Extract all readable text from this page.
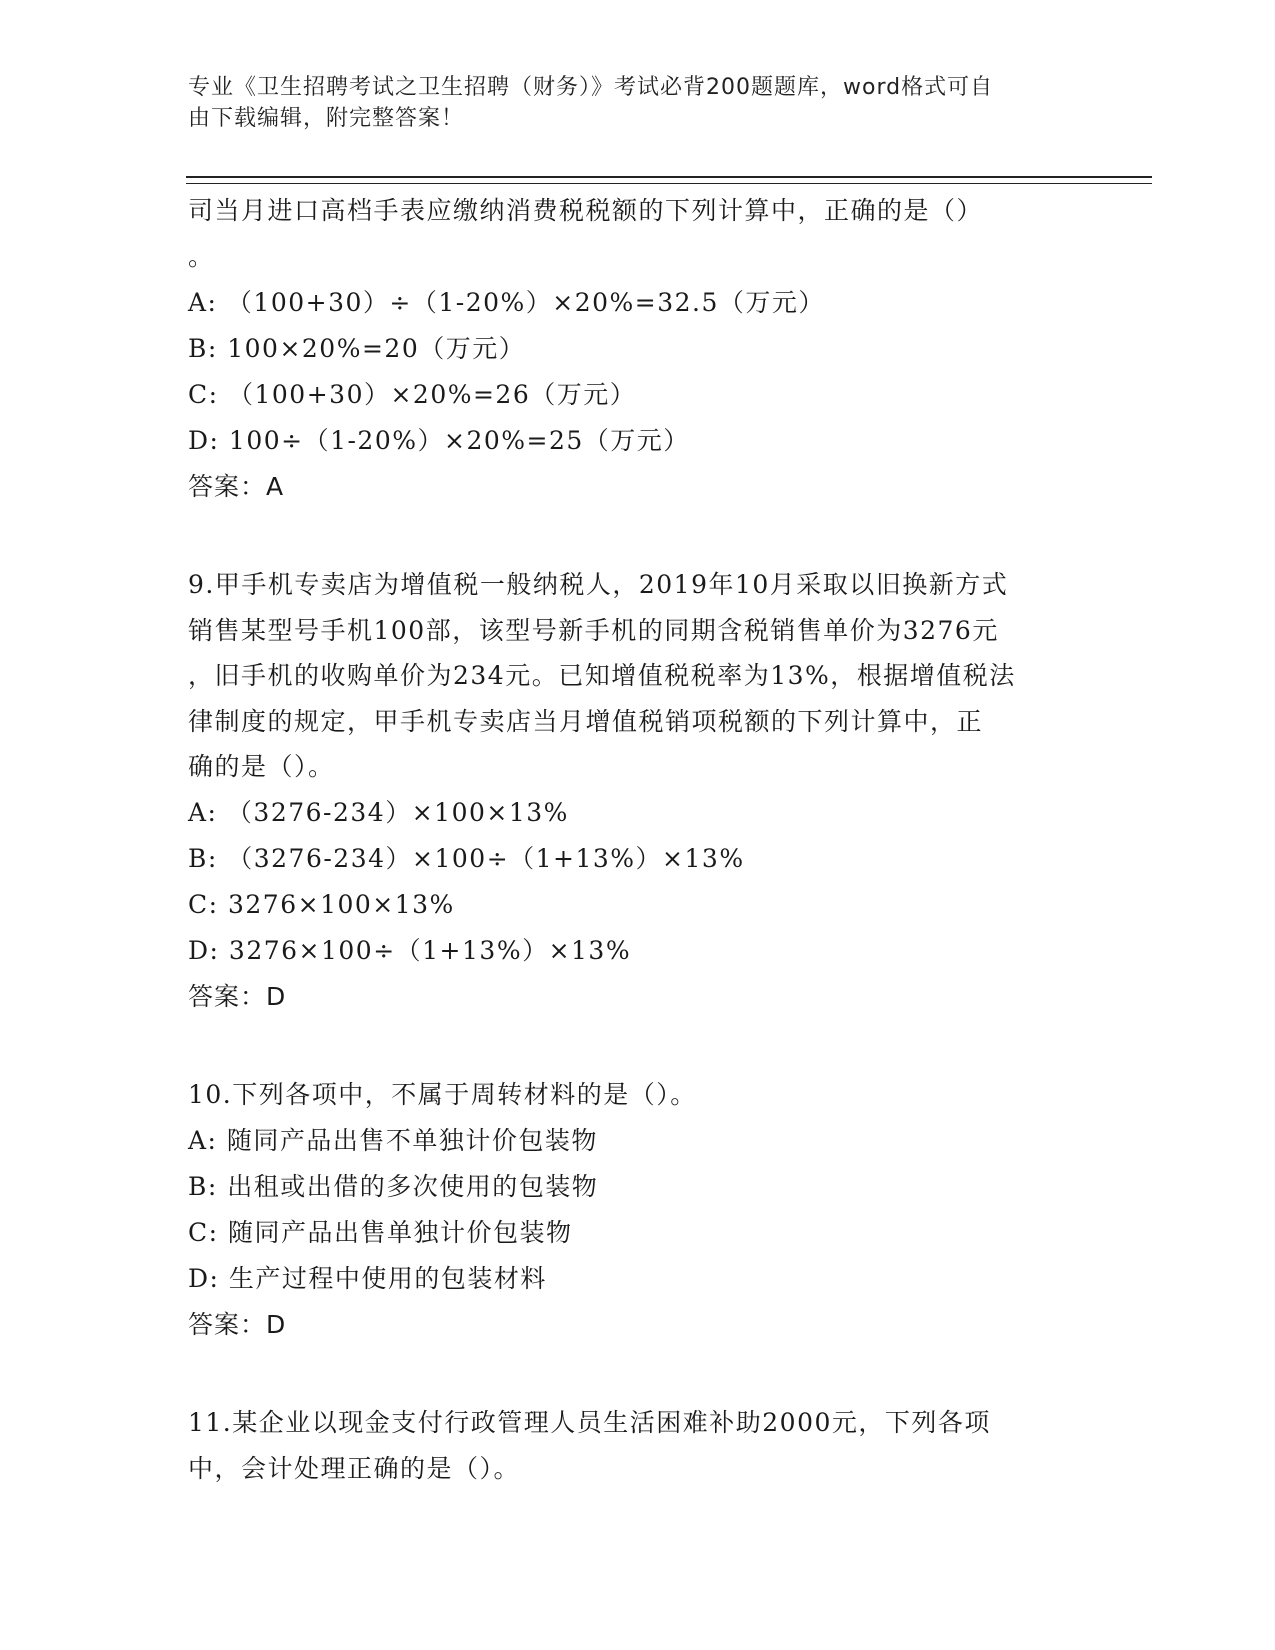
专业《卫生招聘考试之卫生招聘（财务）》考试必背200题题库，word格式可自
由下载编辑，附完整答案！
司当月进口高档手表应缴纳消费税税额的下列计算中，正确的是（）
。
A: （100+30）÷（1-20%）×20%=32.5（万元）
B: 100×20%=20（万元）
C: （100+30）×20%=26（万元）
D: 100÷（1-20%）×20%=25（万元）
答案：A
9.甲手机专卖店为增值税一般纳税人，2019年10月采取以旧换新方式
销售某型号手机100部，该型号新手机的同期含税销售单价为3276元
，旧手机的收购单价为234元。已知增值税税率为13%，根据增值税法
律制度的规定，甲手机专卖店当月增值税销项税额的下列计算中，正
确的是（）。
A: （3276-234）×100×13%
B: （3276-234）×100÷（1+13%）×13%
C: 3276×100×13%
D: 3276×100÷（1+13%）×13%
答案：D
10.下列各项中，不属于周转材料的是（）。
A: 随同产品出售不单独计价包装物
B: 出租或出借的多次使用的包装物
C: 随同产品出售单独计价包装物
D: 生产过程中使用的包装材料
答案：D
11.某企业以现金支付行政管理人员生活困难补助2000元，下列各项
中，会计处理正确的是（）。
